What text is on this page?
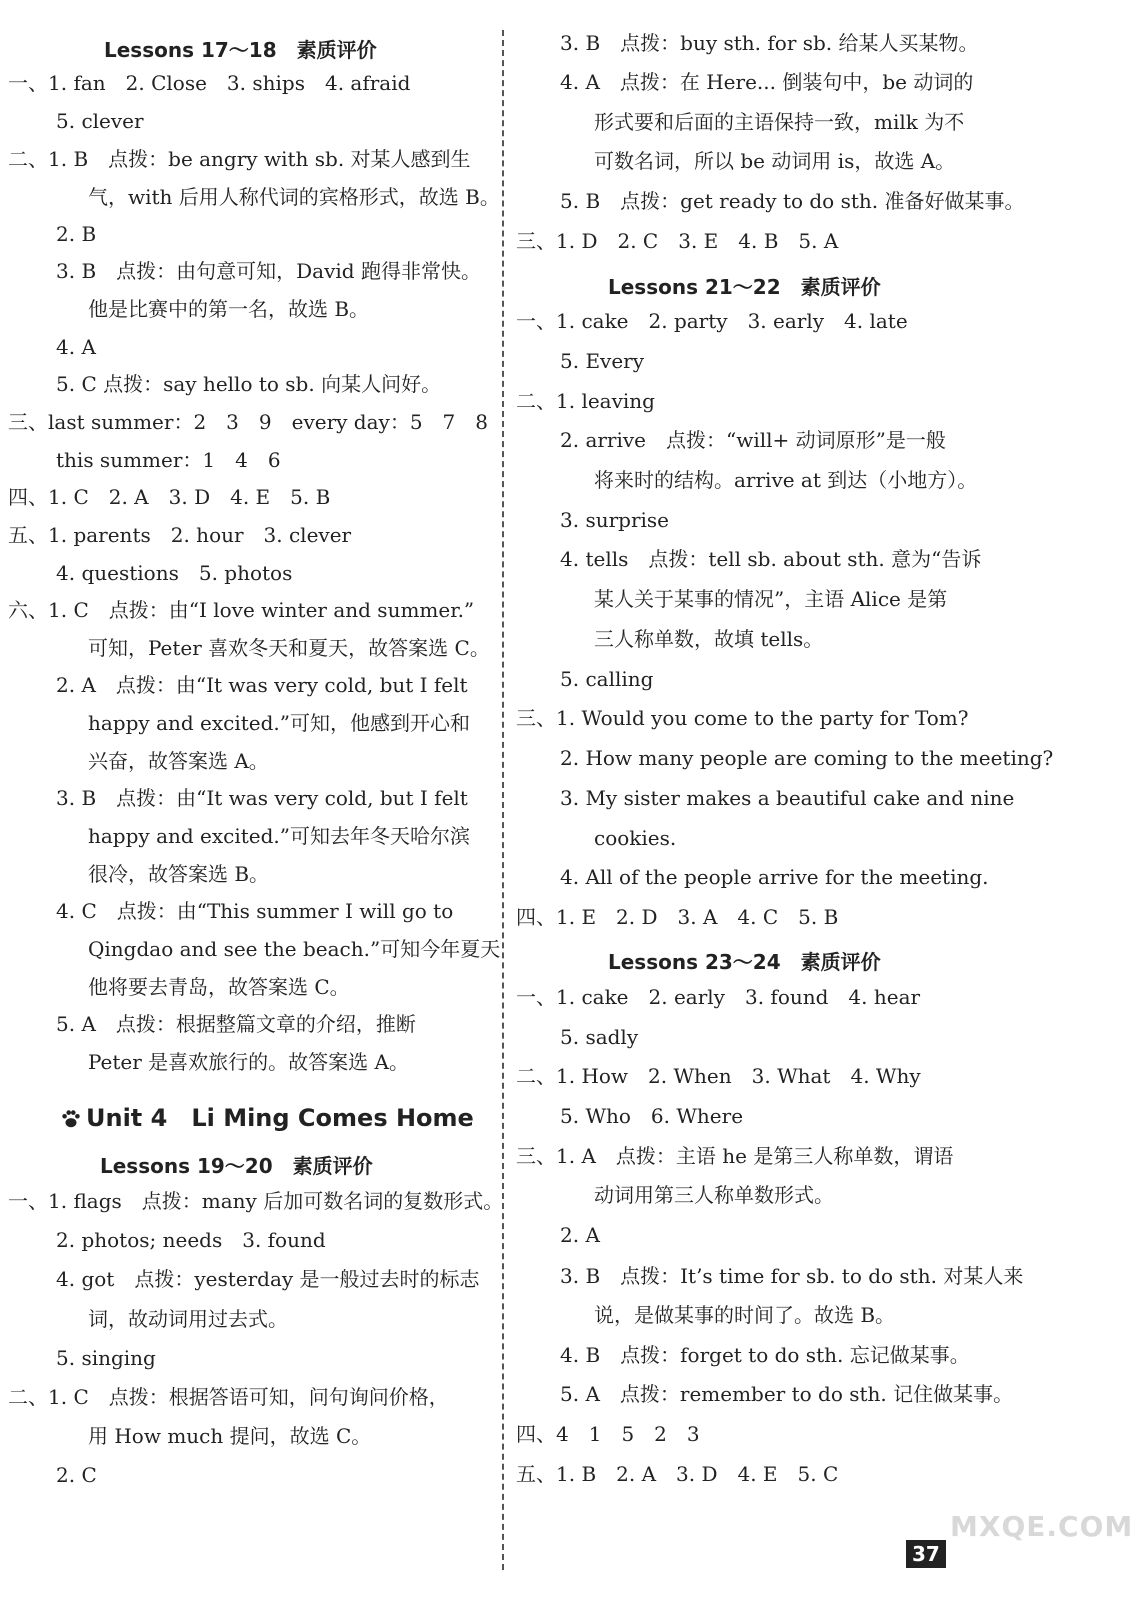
Lessons 17～18　素质评价
一、1. fan　2. Close　3. ships　4. afraid
5. clever
二、1. B　点拨：be angry with sb. 对某人感到生
气，with 后用人称代词的宾格形式，故选 B。
2. B
3. B　点拨：由句意可知，David 跑得非常快。
他是比赛中的第一名，故选 B。
4. A
5. C 点拨：say hello to sb. 向某人问好。
三、last summer：2　3　9　every day：5　7　8
this summer：1　4　6
四、1. C　2. A　3. D　4. E　5. B
五、1. parents　2. hour　3. clever
4. questions　5. photos
六、1. C　点拨：由“I love winter and summer.”
可知，Peter 喜欢冬天和夏天，故答案选 C。
2. A　点拨：由“It was very cold, but I felt
happy and excited.”可知，他感到开心和
兴奋，故答案选 A。
3. B　点拨：由“It was very cold, but I felt
happy and excited.”可知去年冬天哈尔滨
很冷，故答案选 B。
4. C　点拨：由“This summer I will go to
Qingdao and see the beach.”可知今年夏天
他将要去青岛，故答案选 C。
5. A　点拨：根据整篇文章的介绍，推断
Peter 是喜欢旅行的。故答案选 A。
Unit 4　Li Ming Comes Home
Lessons 19～20　素质评价
一、1. flags　点拨：many 后加可数名词的复数形式。
2. photos; needs　3. found
4. got　点拨：yesterday 是一般过去时的标志
词，故动词用过去式。
5. singing
二、1. C　点拨：根据答语可知，问句询问价格，
用 How much 提问，故选 C。
2. C
3. B　点拨：buy sth. for sb. 给某人买某物。
4. A　点拨：在 Here... 倒装句中，be 动词的
形式要和后面的主语保持一致，milk 为不
可数名词，所以 be 动词用 is，故选 A。
5. B　点拨：get ready to do sth. 准备好做某事。
三、1. D　2. C　3. E　4. B　5. A
Lessons 21～22　素质评价
一、1. cake　2. party　3. early　4. late
5. Every
二、1. leaving
2. arrive　点拨：“will+ 动词原形”是一般
将来时的结构。arrive at 到达（小地方）。
3. surprise
4. tells　点拨：tell sb. about sth. 意为“告诉
某人关于某事的情况”，主语 Alice 是第
三人称单数，故填 tells。
5. calling
三、1. Would you come to the party for Tom?
2. How many people are coming to the meeting?
3. My sister makes a beautiful cake and nine
cookies.
4. All of the people arrive for the meeting.
四、1. E　2. D　3. A　4. C　5. B
Lessons 23～24　素质评价
一、1. cake　2. early　3. found　4. hear
5. sadly
二、1. How　2. When　3. What　4. Why
5. Who　6. Where
三、1. A　点拨：主语 he 是第三人称单数，谓语
动词用第三人称单数形式。
2. A
3. B　点拨：It’s time for sb. to do sth. 对某人来
说，是做某事的时间了。故选 B。
4. B　点拨：forget to do sth. 忘记做某事。
5. A　点拨：remember to do sth. 记住做某事。
四、4　1　5　2　3
五、1. B　2. A　3. D　4. E　5. C
MXQE.COM
37
